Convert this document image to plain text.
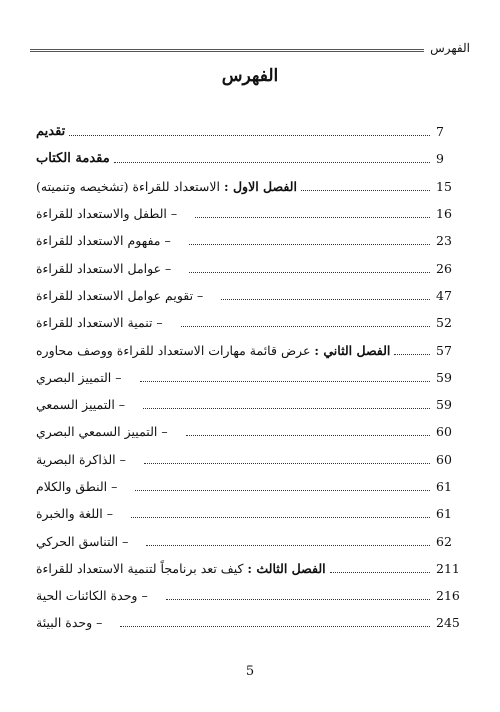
الفهرس
الفهرس
تقديم	7
مقدمة الكتاب	9
الفصل الاول : الاستعداد للقراءة (تشخيصه وتنميته)	15
– الطفل والاستعداد للقراءة	16
– مفهوم الاستعداد للقراءة	23
– عوامل الاستعداد للقراءة	26
– تقويم عوامل الاستعداد للقراءة	47
– تنمية الاستعداد للقراءة	52
الفصل الثاني : عرض قائمة مهارات الاستعداد للقراءة ووصف محاوره	57
– التمييز البصري	59
– التمييز السمعي	59
– التمييز السمعي البصري	60
– الذاكرة البصرية	60
– النطق والكلام	61
– اللغة والخبرة	61
– التناسق الحركي	62
الفصل الثالث : كيف تعد برنامجاً لتنمية الاستعداد للقراءة	211
– وحدة الكائنات الحية	216
– وحدة البيئة	245
5
